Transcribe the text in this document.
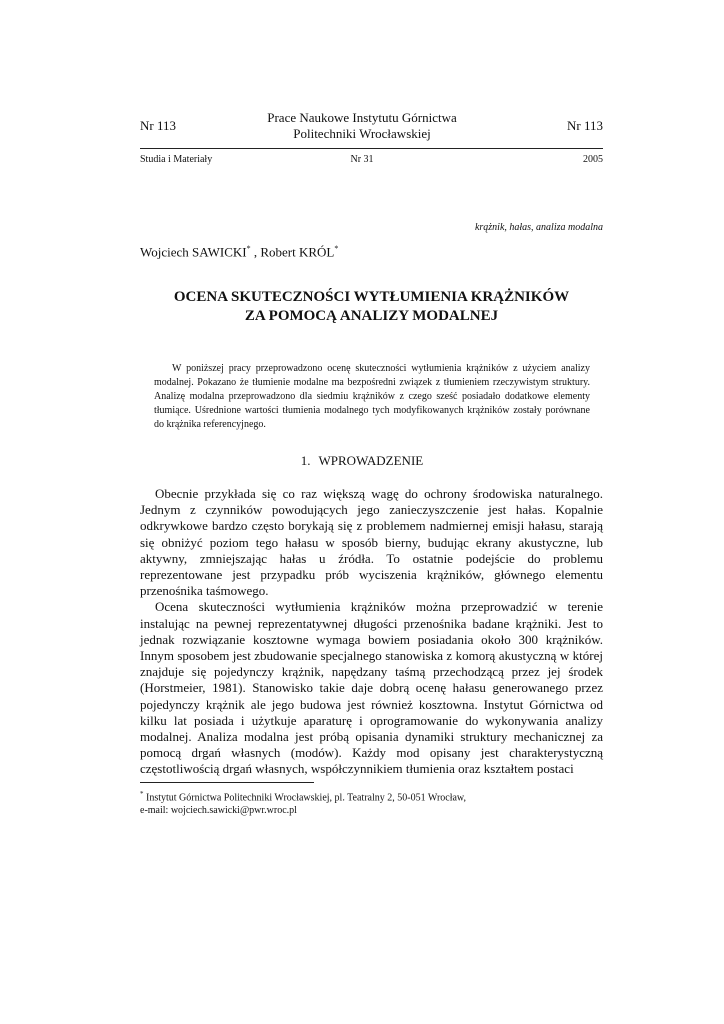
Nr 113
Prace Naukowe Instytutu Górnictwa
Politechniki Wrocławskiej
Nr 113
Studia i Materiały	Nr 31	2005
krążnik, hałas, analiza modalna
Wojciech SAWICKI* , Robert KRÓL*
OCENA SKUTECZNOŚCI WYTŁUMIENIA KRĄŻNIKÓW
ZA POMOCĄ ANALIZY MODALNEJ
W poniższej pracy przeprowadzono ocenę skuteczności wytłumienia krążników z użyciem analizy modalnej. Pokazano że tłumienie modalne ma bezpośredni związek z tłumieniem rzeczywistym struktury. Analizę modalna przeprowadzono dla siedmiu krążników z czego sześć posiadało dodatkowe elementy tłumiące. Uśrednione wartości tłumienia modalnego tych modyfikowanych krążników zostały porównane do krążnika referencyjnego.
1. WPROWADZENIE

Obecnie przykłada się co raz większą wagę do ochrony środowiska naturalnego. Jednym z czynników powodujących jego zanieczyszczenie jest hałas. Kopalnie odkrywkowe bardzo często borykają się z problemem nadmiernej emisji hałasu, starają się obniżyć poziom tego hałasu w sposób bierny, budując ekrany akustyczne, lub aktywny, zmniejszając hałas u źródła. To ostatnie podejście do problemu reprezentowane jest przypadku prób wyciszenia krążników, głównego elementu przenośnika taśmowego.

Ocena skuteczności wytłumienia krążników można przeprowadzić w terenie instalując na pewnej reprezentatywnej długości przenośnika badane krążniki. Jest to jednak rozwiązanie kosztowne wymaga bowiem posiadania około 300 krążników. Innym sposobem jest zbudowanie specjalnego stanowiska z komorą akustyczną w której znajduje się pojedynczy krążnik, napędzany taśmą przechodzącą przez jej środek (Horstmeier, 1981). Stanowisko takie daje dobrą ocenę hałasu generowanego przez pojedynczy krążnik ale jego budowa jest również kosztowna. Instytut Górnictwa od kilku lat posiada i użytkuje aparaturę i oprogramowanie do wykonywania analizy modalnej. Analiza modalna jest próbą opisania dynamiki struktury mechanicznej za pomocą drgań własnych (modów). Każdy mod opisany jest charakterystyczną częstotliwością drgań własnych, współczynnikiem tłumienia oraz kształtem postaci

* Instytut Górnictwa Politechniki Wrocławskiej, pl. Teatralny 2, 50-051 Wrocław,
e-mail: wojciech.sawicki@pwr.wroc.pl
